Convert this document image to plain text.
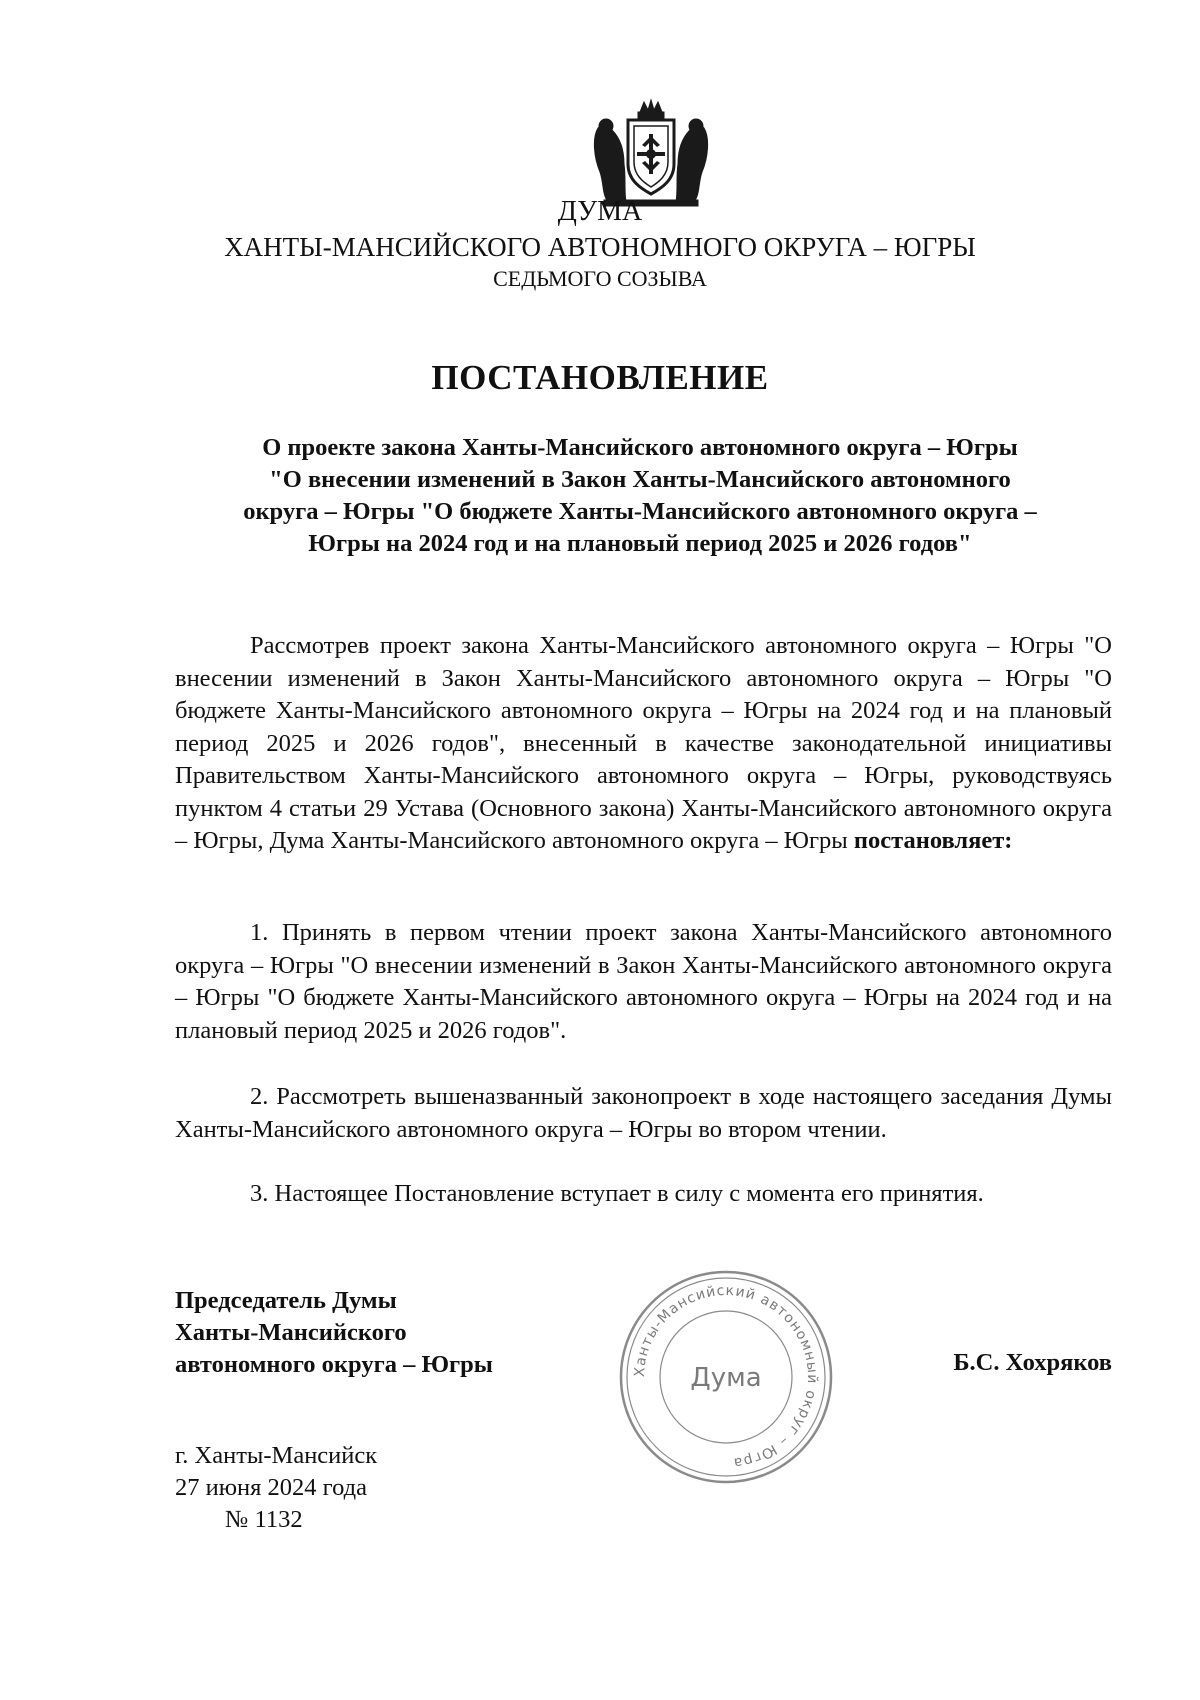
ДУМА
ХАНТЫ-МАНСИЙСКОГО АВТОНОМНОГО ОКРУГА – ЮГРЫ
СЕДЬМОГО СОЗЫВА
ПОСТАНОВЛЕНИЕ
О проекте закона Ханты-Мансийского автономного округа – Югры
"О внесении изменений в Закон Ханты-Мансийского автономного
округа – Югры "О бюджете Ханты-Мансийского автономного округа –
Югры на 2024 год и на плановый период 2025 и 2026 годов"

Рассмотрев проект закона Ханты-Мансийского автономного округа – Югры "О внесении изменений в Закон Ханты-Мансийского автономного округа – Югры "О бюджете Ханты-Мансийского автономного округа – Югры на 2024 год и на плановый период 2025 и 2026 годов", внесенный в качестве законодательной инициативы Правительством Ханты-Мансийского автономного округа – Югры, руководствуясь пунктом 4 статьи 29 Устава (Основного закона) Ханты-Мансийского автономного округа – Югры, Дума Ханты-Мансийского автономного округа – Югры постановляет:

1. Принять в первом чтении проект закона Ханты-Мансийского автономного округа – Югры "О внесении изменений в Закон Ханты-Мансийского автономного округа – Югры "О бюджете Ханты-Мансийского автономного округа – Югры на 2024 год и на плановый период 2025 и 2026 годов".

2. Рассмотреть вышеназванный законопроект в ходе настоящего заседания Думы Ханты-Мансийского автономного округа – Югры во втором чтении.

3. Настоящее Постановление вступает в силу с момента его принятия.

Председатель Думы
Ханты-Мансийского
автономного округа – Югры	Ханты-Мансийский автономный округ – Югра
Дума
Б.С. Хохряков
г. Ханты-Мансийск
27 июня 2024 года
№ 1132
